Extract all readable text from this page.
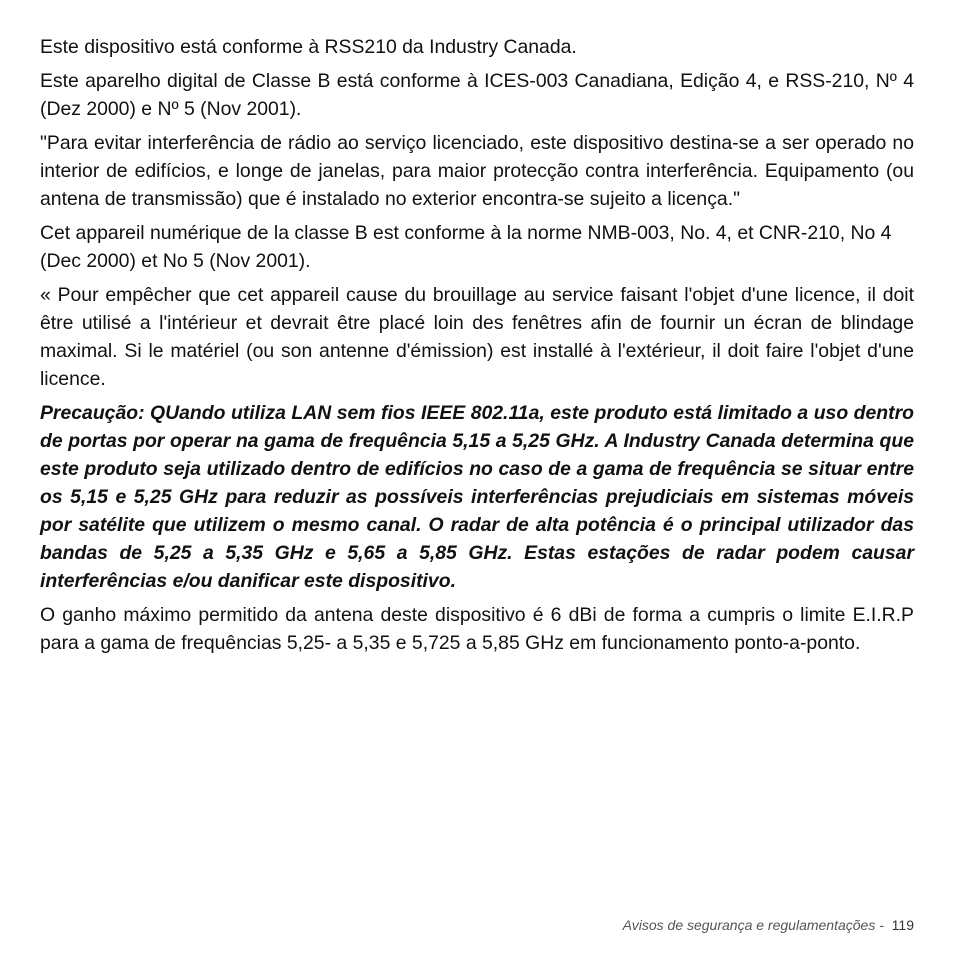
Este dispositivo está conforme à RSS210 da Industry Canada.

Este aparelho digital de Classe B está conforme à ICES-003 Canadiana, Edição 4, e RSS-210, Nº 4 (Dez 2000) e Nº 5 (Nov 2001).

"Para evitar interferência de rádio ao serviço licenciado, este dispositivo destina-se a ser operado no interior de edifícios, e longe de janelas, para maior protecção contra interferência. Equipamento (ou antena de transmissão) que é instalado no exterior encontra-se sujeito a licença."

Cet appareil numérique de la classe B est conforme à la norme NMB-003, No. 4, et CNR-210, No 4 (Dec 2000) et No 5 (Nov 2001).

« Pour empêcher que cet appareil cause du brouillage au service faisant l'objet d'une licence, il doit être utilisé a l'intérieur et devrait être placé loin des fenêtres afin de fournir un écran de blindage maximal. Si le matériel (ou son antenne d'émission) est installé à l'extérieur, il doit faire l'objet d'une licence.

Precaução: QUando utiliza LAN sem fios IEEE 802.11a, este produto está limitado a uso dentro de portas por operar na gama de frequência 5,15 a 5,25 GHz. A Industry Canada determina que este produto seja utilizado dentro de edifícios no caso de a gama de frequência se situar entre os 5,15 e 5,25 GHz para reduzir as possíveis interferências prejudiciais em sistemas móveis por satélite que utilizem o mesmo canal. O radar de alta potência é o principal utilizador das bandas de 5,25 a 5,35 GHz e 5,65 a 5,85 GHz. Estas estações de radar podem causar interferências e/ou danificar este dispositivo.

O ganho máximo permitido da antena deste dispositivo é 6 dBi de forma a cumpris o limite E.I.R.P para a gama de frequências 5,25- a 5,35 e 5,725 a 5,85 GHz em funcionamento ponto-a-ponto.

Avisos de segurança e regulamentações - 119
